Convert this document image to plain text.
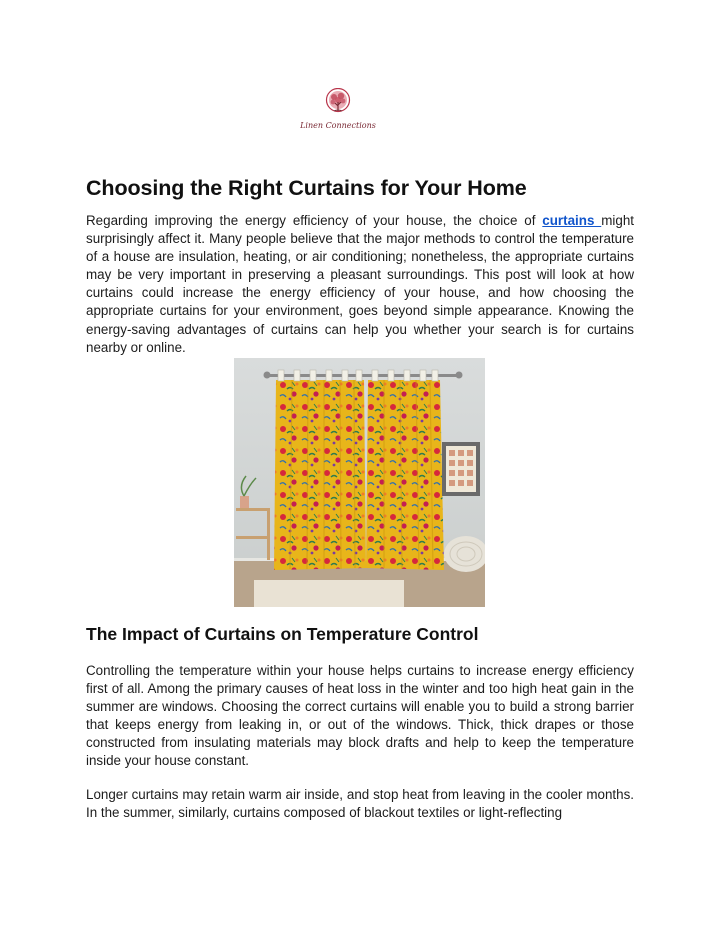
Linen Connections
Choosing the Right Curtains for Your Home

Regarding improving the energy efficiency of your house, the choice of curtains might surprisingly affect it. Many people believe that the major methods to control the temperature of a house are insulation, heating, or air conditioning; nonetheless, the appropriate curtains may be very important in preserving a pleasant surroundings. This post will look at how curtains could increase the energy efficiency of your house, and how choosing the appropriate curtains for your environment, goes beyond simple appearance. Knowing the energy-saving advantages of curtains can help you whether your search is for curtains nearby or online.

The Impact of Curtains on Temperature Control

Controlling the temperature within your house helps curtains to increase energy efficiency first of all. Among the primary causes of heat loss in the winter and too high heat gain in the summer are windows. Choosing the correct curtains will enable you to build a strong barrier that keeps energy from leaking in, or out of the windows. Thick, thick drapes or those constructed from insulating materials may block drafts and help to keep the temperature inside your house constant.

Longer curtains may retain warm air inside, and stop heat from leaving in the cooler months. In the summer, similarly, curtains composed of blackout textiles or light-reflecting
